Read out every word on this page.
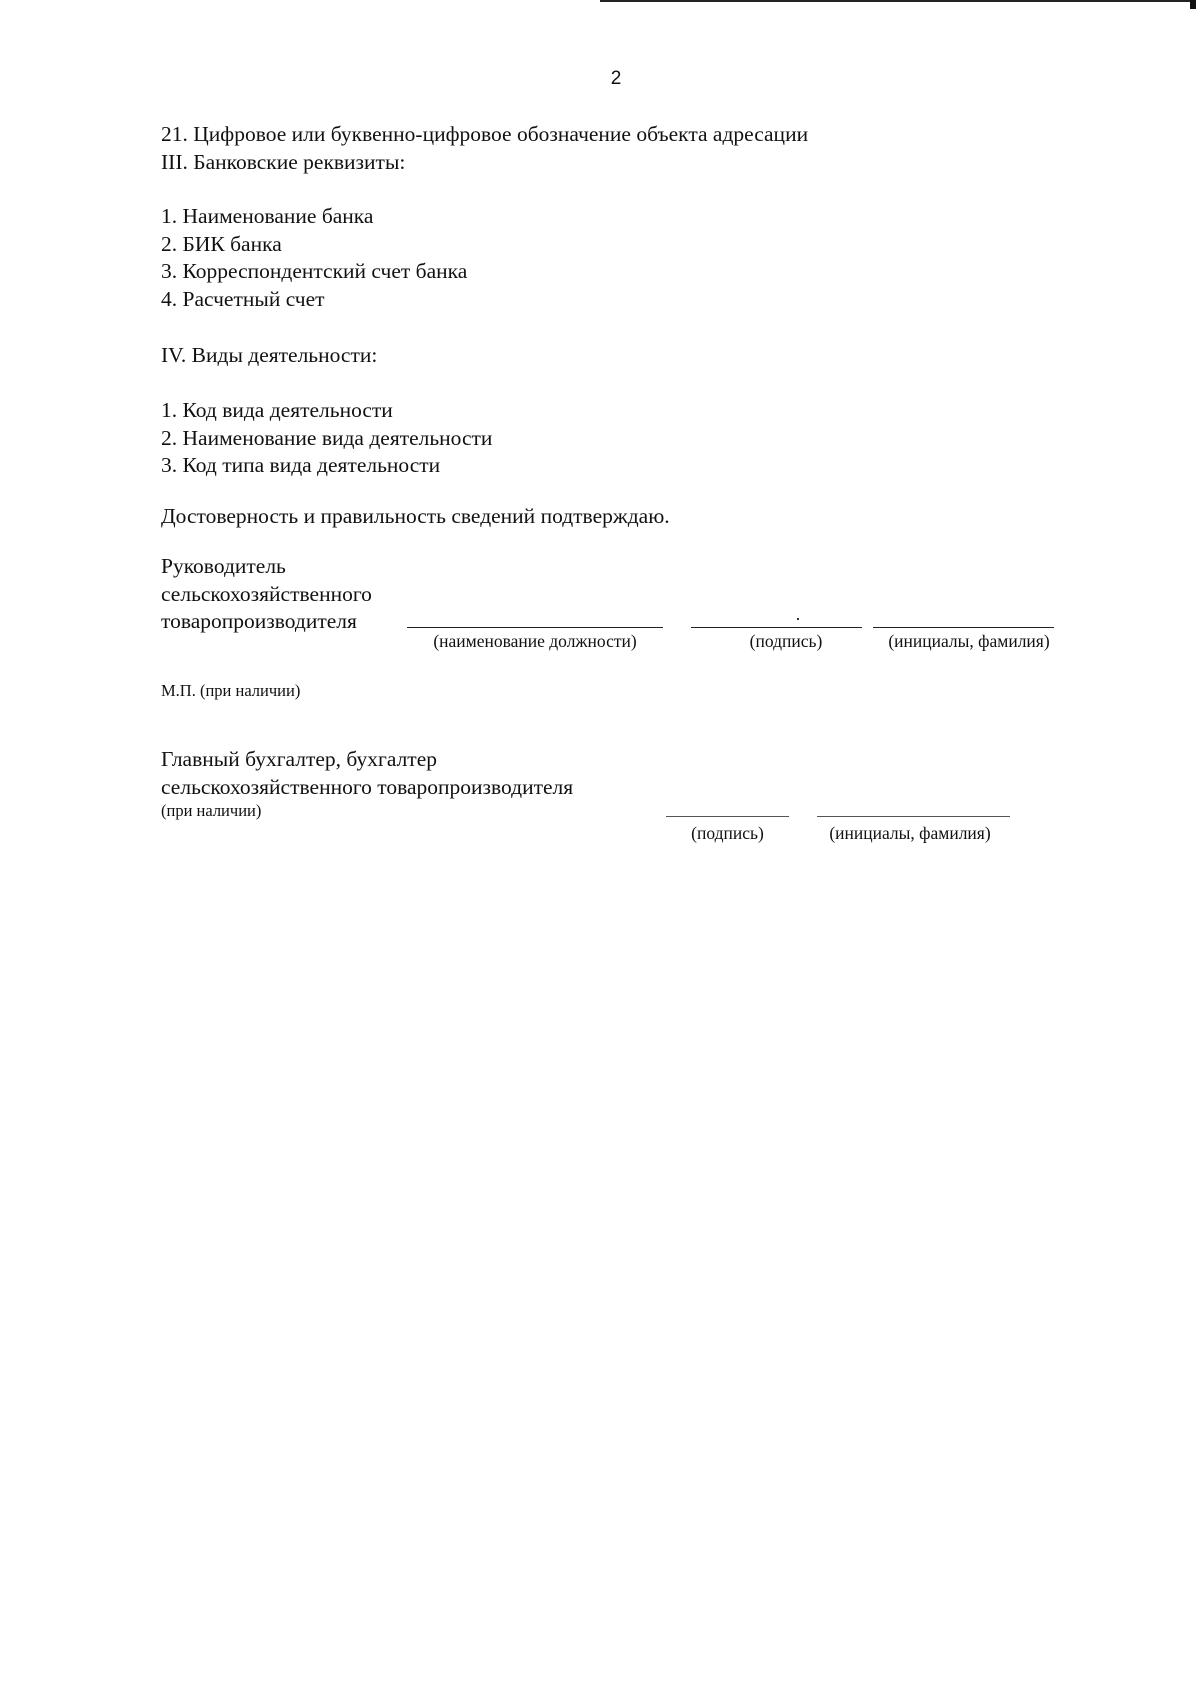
2
21. Цифровое или буквенно-цифровое обозначение объекта адресации
III. Банковские реквизиты:
1. Наименование банка
2. БИК банка
3. Корреспондентский счет банка
4. Расчетный счет
IV. Виды деятельности:
1. Код вида деятельности
2. Наименование вида деятельности
3. Код типа вида деятельности
Достоверность и правильность сведений подтверждаю.
Руководитель
сельскохозяйственного
товаропроизводителя
(наименование должности)	(подпись)	(инициалы, фамилия)
М.П. (при наличии)
Главный бухгалтер, бухгалтер
сельскохозяйственного товаропроизводителя
(при наличии)
(подпись)	(инициалы, фамилия)
